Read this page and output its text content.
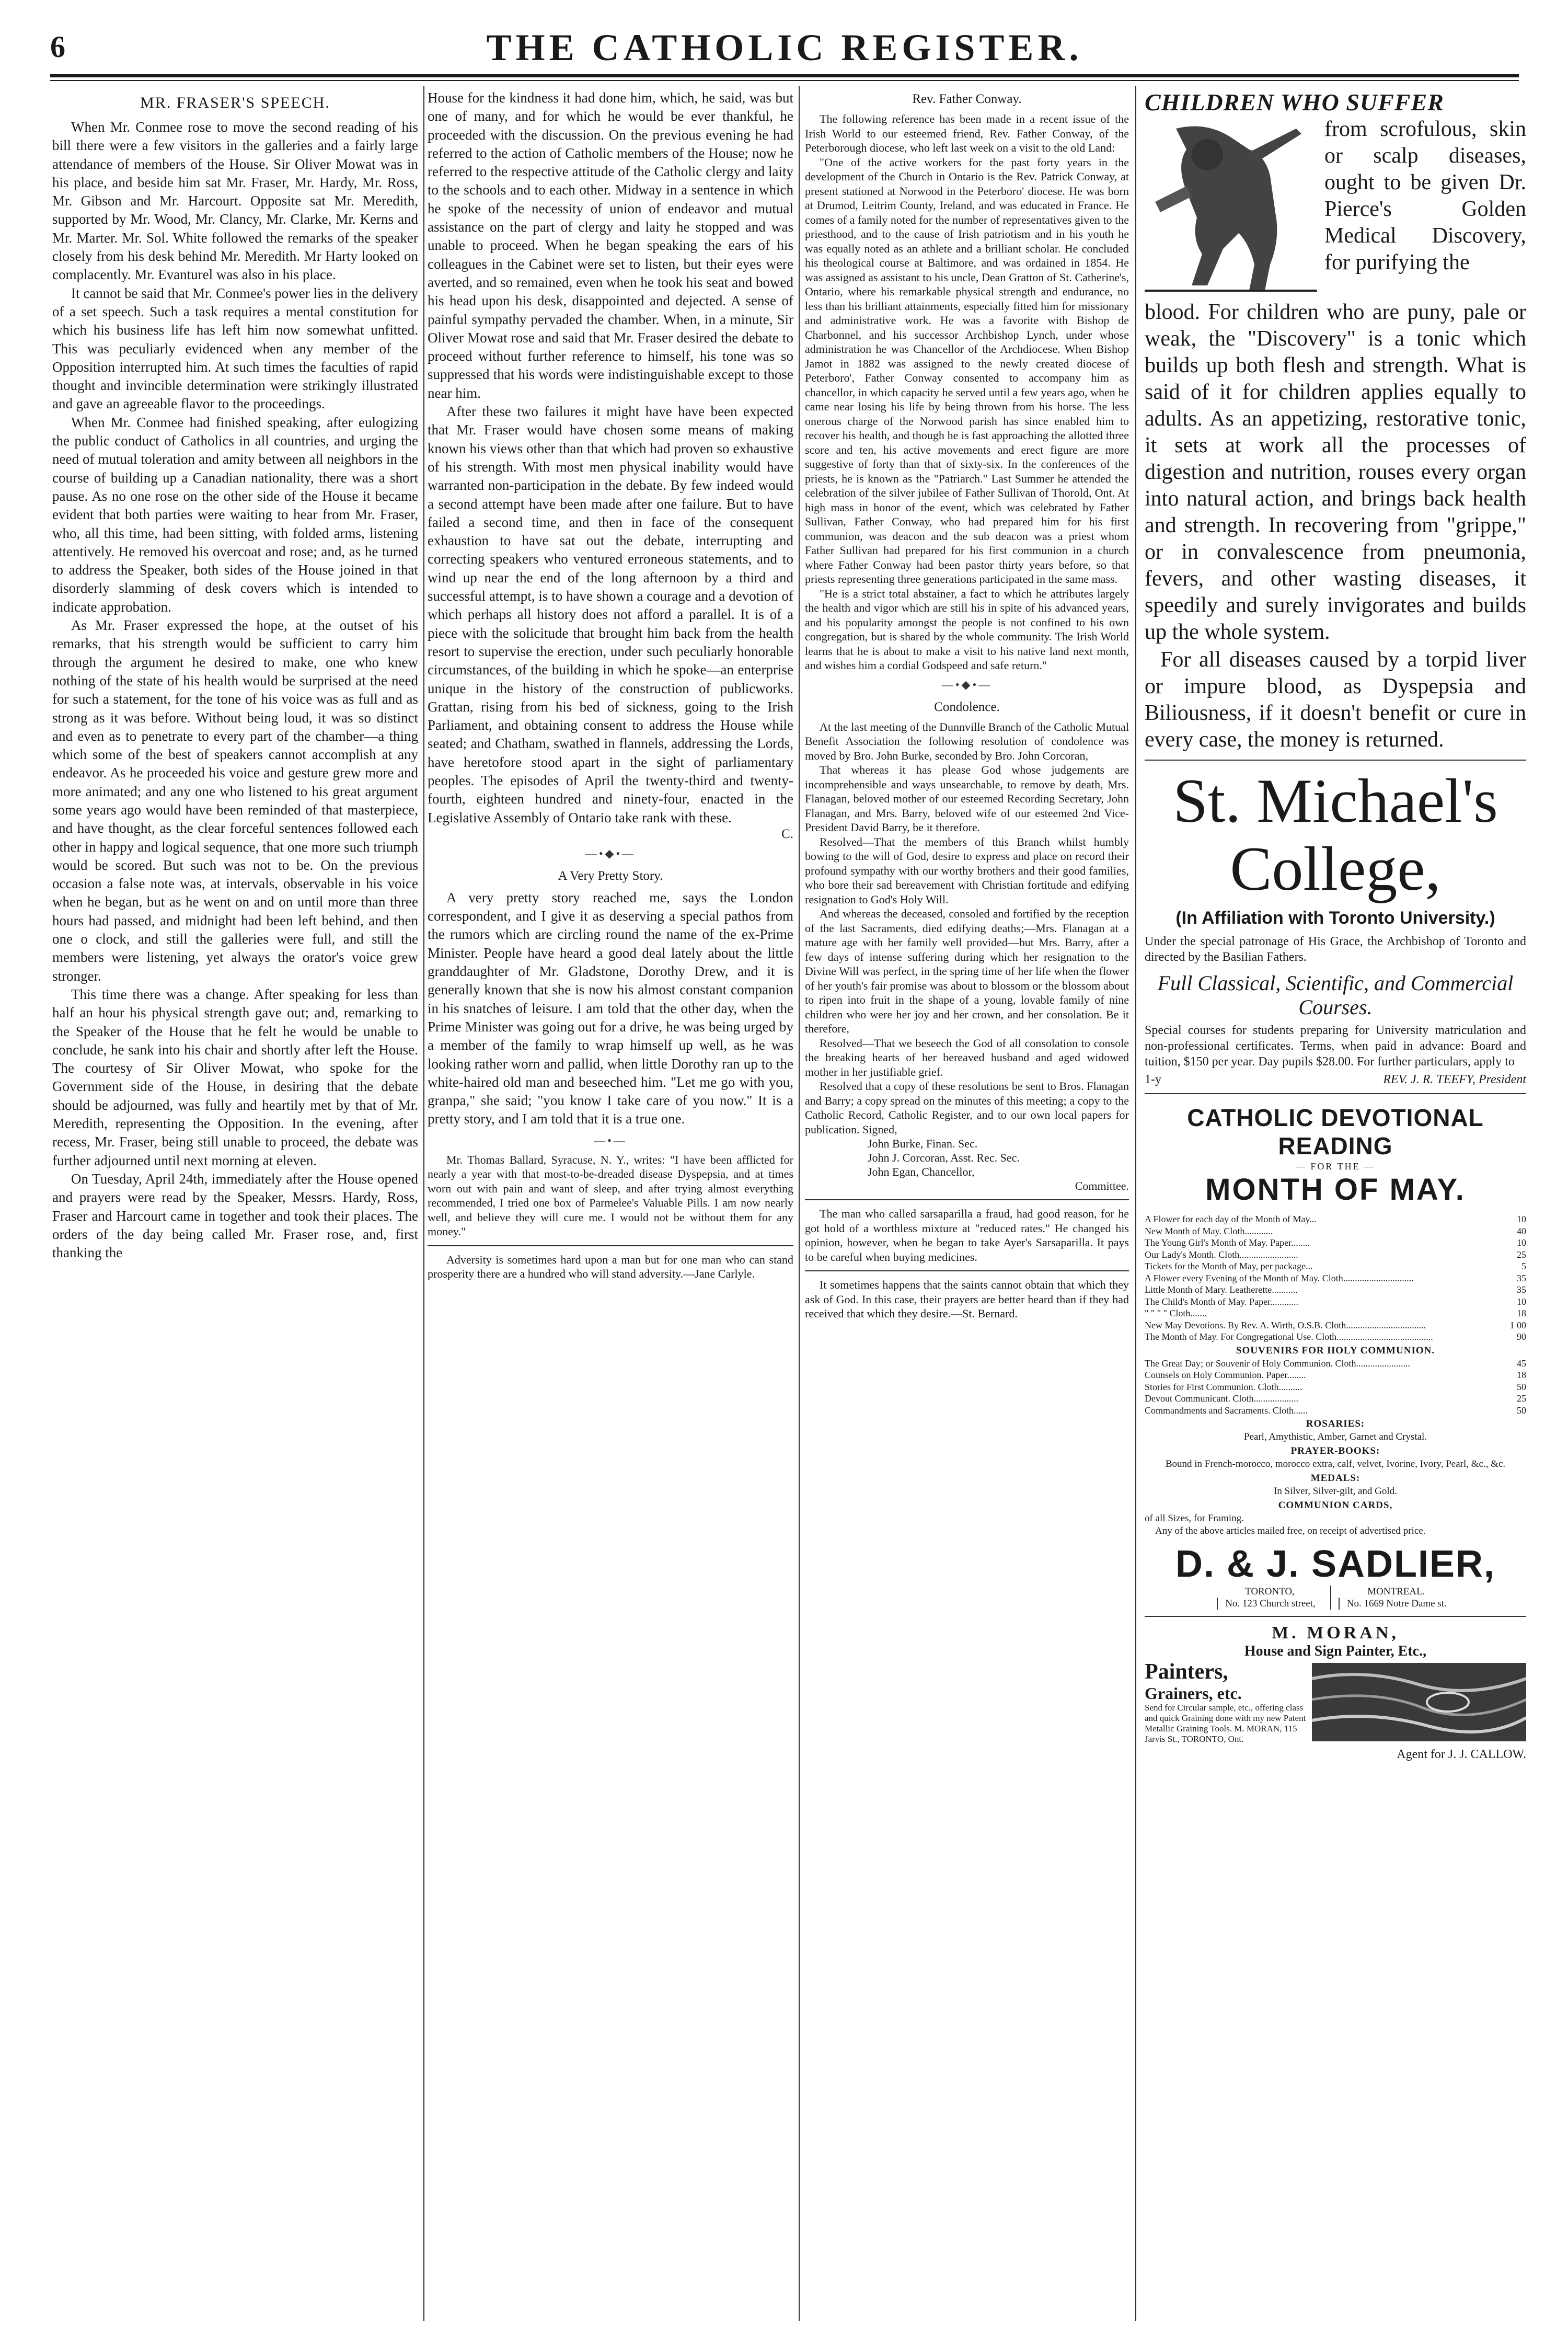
6	THE CATHOLIC REGISTER.
MR. FRASER'S SPEECH.

When Mr. Conmee rose to move the second reading of his bill there were a few visitors in the galleries and a fairly large attendance of members of the House. Sir Oliver Mowat was in his place, and beside him sat Mr. Fraser, Mr. Hardy, Mr. Ross, Mr. Gibson and Mr. Harcourt. Opposite sat Mr. Meredith, supported by Mr. Wood, Mr. Clancy, Mr. Clarke, Mr. Kerns and Mr. Marter. Mr. Sol. White followed the remarks of the speaker closely from his desk behind Mr. Meredith. Mr Harty looked on complacently. Mr. Evanturel was also in his place.

It cannot be said that Mr. Conmee's power lies in the delivery of a set speech. Such a task requires a mental constitution for which his business life has left him now somewhat unfitted. This was peculiarly evidenced when any member of the Opposition interrupted him. At such times the faculties of rapid thought and invincible determination were strikingly illustrated and gave an agreeable flavor to the proceedings.

When Mr. Conmee had finished speaking, after eulogizing the public conduct of Catholics in all countries, and urging the need of mutual toleration and amity between all neighbors in the course of building up a Canadian nationality, there was a short pause. As no one rose on the other side of the House it became evident that both parties were waiting to hear from Mr. Fraser, who, all this time, had been sitting, with folded arms, listening attentively. He removed his overcoat and rose; and, as he turned to address the Speaker, both sides of the House joined in that disorderly slamming of desk covers which is intended to indicate approbation.

As Mr. Fraser expressed the hope, at the outset of his remarks, that his strength would be sufficient to carry him through the argument he desired to make, one who knew nothing of the state of his health would be surprised at the need for such a statement, for the tone of his voice was as full and as strong as it was before. Without being loud, it was so distinct and even as to penetrate to every part of the chamber—a thing which some of the best of speakers cannot accomplish at any endeavor. As he proceeded his voice and gesture grew more and more animated; and any one who listened to his great argument some years ago would have been reminded of that masterpiece, and have thought, as the clear forceful sentences followed each other in happy and logical sequence, that one more such triumph would be scored. But such was not to be. On the previous occasion a false note was, at intervals, observable in his voice when he began, but as he went on and on until more than three hours had passed, and midnight had been left behind, and then one o clock, and still the galleries were full, and still the members were listening, yet always the orator's voice grew stronger.

This time there was a change. After speaking for less than half an hour his physical strength gave out; and, remarking to the Speaker of the House that he felt he would be unable to conclude, he sank into his chair and shortly after left the House. The courtesy of Sir Oliver Mowat, who spoke for the Government side of the House, in desiring that the debate should be adjourned, was fully and heartily met by that of Mr. Meredith, representing the Opposition. In the evening, after recess, Mr. Fraser, being still unable to proceed, the debate was further adjourned until next morning at eleven.

On Tuesday, April 24th, immediately after the House opened and prayers were read by the Speaker, Messrs. Hardy, Ross, Fraser and Harcourt came in together and took their places. The orders of the day being called Mr. Fraser rose, and, first thanking the

House for the kindness it had done him, which, he said, was but one of many, and for which he would be ever thankful, he proceeded with the discussion. On the previous evening he had referred to the action of Catholic members of the House; now he referred to the respective attitude of the Catholic clergy and laity to the schools and to each other. Midway in a sentence in which he spoke of the necessity of union of endeavor and mutual assistance on the part of clergy and laity he stopped and was unable to proceed. When he began speaking the ears of his colleagues in the Cabinet were set to listen, but their eyes were averted, and so remained, even when he took his seat and bowed his head upon his desk, disappointed and dejected. A sense of painful sympathy pervaded the chamber. When, in a minute, Sir Oliver Mowat rose and said that Mr. Fraser desired the debate to proceed without further reference to himself, his tone was so suppressed that his words were indistinguishable except to those near him.

After these two failures it might have have been expected that Mr. Fraser would have chosen some means of making known his views other than that which had proven so exhaustive of his strength. With most men physical inability would have warranted non-participation in the debate. By few indeed would a second attempt have been made after one failure. But to have failed a second time, and then in face of the consequent exhaustion to have sat out the debate, interrupting and correcting speakers who ventured erroneous statements, and to wind up near the end of the long afternoon by a third and successful attempt, is to have shown a courage and a devotion of which perhaps all history does not afford a parallel. It is of a piece with the solicitude that brought him back from the health resort to supervise the erection, under such peculiarly honorable circumstances, of the building in which he spoke—an enterprise unique in the history of the construction of publicworks. Grattan, rising from his bed of sickness, going to the Irish Parliament, and obtaining consent to address the House while seated; and Chatham, swathed in flannels, addressing the Lords, have heretofore stood apart in the sight of parliamentary peoples. The episodes of April the twenty-third and twenty-fourth, eighteen hundred and ninety-four, enacted in the Legislative Assembly of Ontario take rank with these.

C.
—•◆•—
A Very Pretty Story.

A very pretty story reached me, says the London correspondent, and I give it as deserving a special pathos from the rumors which are circling round the name of the ex-Prime Minister. People have heard a good deal lately about the little granddaughter of Mr. Gladstone, Dorothy Drew, and it is generally known that she is now his almost constant companion in his snatches of leisure. I am told that the other day, when the Prime Minister was going out for a drive, he was being urged by a member of the family to wrap himself up well, as he was looking rather worn and pallid, when little Dorothy ran up to the white-haired old man and beseeched him. "Let me go with you, granpa," she said; "you know I take care of you now." It is a pretty story, and I am told that it is a true one.

—•—

Mr. Thomas Ballard, Syracuse, N. Y., writes: "I have been afflicted for nearly a year with that most-to-be-dreaded disease Dyspepsia, and at times worn out with pain and want of sleep, and after trying almost everything recommended, I tried one box of Parmelee's Valuable Pills. I am now nearly well, and believe they will cure me. I would not be without them for any money."

Adversity is sometimes hard upon a man but for one man who can stand prosperity there are a hundred who will stand adversity.—Jane Carlyle.

Rev. Father Conway.

The following reference has been made in a recent issue of the Irish World to our esteemed friend, Rev. Father Conway, of the Peterborough diocese, who left last week on a visit to the old Land:

"One of the active workers for the past forty years in the development of the Church in Ontario is the Rev. Patrick Conway, at present stationed at Norwood in the Peterboro' diocese. He was born at Drumod, Leitrim County, Ireland, and was educated in France. He comes of a family noted for the number of representatives given to the priesthood, and to the cause of Irish patriotism and in his youth he was equally noted as an athlete and a brilliant scholar. He concluded his theological course at Baltimore, and was ordained in 1854. He was assigned as assistant to his uncle, Dean Gratton of St. Catherine's, Ontario, where his remarkable physical strength and endurance, no less than his brilliant attainments, especially fitted him for missionary and administrative work. He was a favorite with Bishop de Charbonnel, and his successor Archbishop Lynch, under whose administration he was Chancellor of the Archdiocese. When Bishop Jamot in 1882 was assigned to the newly created diocese of Peterboro', Father Conway consented to accompany him as chancellor, in which capacity he served until a few years ago, when he came near losing his life by being thrown from his horse. The less onerous charge of the Norwood parish has since enabled him to recover his health, and though he is fast approaching the allotted three score and ten, his active movements and erect figure are more suggestive of forty than that of sixty-six. In the conferences of the priests, he is known as the "Patriarch." Last Summer he attended the celebration of the silver jubilee of Father Sullivan of Thorold, Ont. At high mass in honor of the event, which was celebrated by Father Sullivan, Father Conway, who had prepared him for his first communion, was deacon and the sub deacon was a priest whom Father Sullivan had prepared for his first communion in a church where Father Conway had been pastor thirty years before, so that priests representing three generations participated in the same mass.

"He is a strict total abstainer, a fact to which he attributes largely the health and vigor which are still his in spite of his advanced years, and his popularity amongst the people is not confined to his own congregation, but is shared by the whole community. The Irish World learns that he is about to make a visit to his native land next month, and wishes him a cordial Godspeed and safe return."

—•◆•—
Condolence.

At the last meeting of the Dunnville Branch of the Catholic Mutual Benefit Association the following resolution of condolence was moved by Bro. John Burke, seconded by Bro. John Corcoran,

That whereas it has please God whose judgements are incomprehensible and ways unsearchable, to remove by death, Mrs. Flanagan, beloved mother of our esteemed Recording Secretary, John Flanagan, and Mrs. Barry, beloved wife of our esteemed 2nd Vice-President David Barry, be it therefore.

Resolved—That the members of this Branch whilst humbly bowing to the will of God, desire to express and place on record their profound sympathy with our worthy brothers and their good families, who bore their sad bereavement with Christian fortitude and edifying resignation to God's Holy Will.

And whereas the deceased, consoled and fortified by the reception of the last Sacraments, died edifying deaths;—Mrs. Flanagan at a mature age with her family well provided—but Mrs. Barry, after a few days of intense suffering during which her resignation to the Divine Will was perfect, in the spring time of her life when the flower of her youth's fair promise was about to blossom or the blossom about to ripen into fruit in the shape of a young, lovable family of nine children who were her joy and her crown, and her consolation. Be it therefore,

Resolved—That we beseech the God of all consolation to console the breaking hearts of her bereaved husband and aged widowed mother in her justifiable grief.

Resolved that a copy of these resolutions be sent to Bros. Flanagan and Barry; a copy spread on the minutes of this meeting; a copy to the Catholic Record, Catholic Register, and to our own local papers for publication. Signed,

John Burke, Finan. Sec.
John J. Corcoran, Asst. Rec. Sec.
John Egan, Chancellor,
Committee.

The man who called sarsaparilla a fraud, had good reason, for he got hold of a worthless mixture at "reduced rates." He changed his opinion, however, when he began to take Ayer's Sarsaparilla. It pays to be careful when buying medicines.

It sometimes happens that the saints cannot obtain that which they ask of God. In this case, their prayers are better heard than if they had received that which they desire.—St. Bernard.

CHILDREN WHO SUFFER
from scrofulous, skin or scalp diseases, ought to be given Dr. Pierce's Golden Medical Discovery, for purifying the
blood. For children who are puny, pale or weak, the "Discovery" is a tonic which builds up both flesh and strength. What is said of it for children applies equally to adults. As an appetizing, restorative tonic, it sets at work all the processes of digestion and nutrition, rouses every organ into natural action, and brings back health and strength. In recovering from "grippe," or in convalescence from pneumonia, fevers, and other wasting diseases, it speedily and surely invigorates and builds up the whole system.
For all diseases caused by a torpid liver or impure blood, as Dyspepsia and Biliousness, if it doesn't benefit or cure in every case, the money is returned.
St. Michael's College,
(In Affiliation with Toronto University.)
Under the special patronage of His Grace, the Archbishop of Toronto and directed by the Basilian Fathers.
Full Classical, Scientific, and Commercial Courses.
Special courses for students preparing for University matriculation and non-professional certificates. Terms, when paid in advance: Board and tuition, $150 per year. Day pupils $28.00. For further particulars, apply to
1-y	REV. J. R. TEEFY, President
CATHOLIC DEVOTIONAL READING
— FOR THE —
MONTH OF MAY.
A Flower for each day of the Month of May...	10
New Month of May. Cloth............	40
The Young Girl's Month of May. Paper........	10
Our Lady's Month. Cloth.........................	25
Tickets for the Month of May, per package...	5
A Flower every Evening of the Month of May. Cloth..............................	35
Little Month of Mary. Leatherette...........	35
The Child's Month of May. Paper............	10
" " " " Cloth.......	18
New May Devotions. By Rev. A. Wirth, O.S.B. Cloth..................................	1 00
The Month of May. For Congregational Use. Cloth.........................................	90
SOUVENIRS FOR HOLY COMMUNION.
The Great Day; or Souvenir of Holy Communion. Cloth.......................	45
Counsels on Holy Communion. Paper........	18
Stories for First Communion. Cloth..........	50
Devout Communicant. Cloth...................	25
Commandments and Sacraments. Cloth......	50
ROSARIES:
Pearl, Amythistic, Amber, Garnet and Crystal.
PRAYER-BOOKS:
Bound in French-morocco, morocco extra, calf, velvet, Ivorine, Ivory, Pearl, &c., &c.
MEDALS:
In Silver, Silver-gilt, and Gold.
COMMUNION CARDS,
of all Sizes, for Framing.
Any of the above articles mailed free, on receipt of advertised price.
D. & J. SADLIER,
TORONTO,
No. 123 Church street,
MONTREAL.
No. 1669 Notre Dame st.
M. MORAN,
House and Sign Painter, Etc.,
Painters,
Grainers, etc.
Send for Circular sample, etc., offering class and quick Graining done with my new Patent Metallic Graining Tools. M. MORAN, 115 Jarvis St., TORONTO, Ont.
Agent for J. J. CALLOW.
